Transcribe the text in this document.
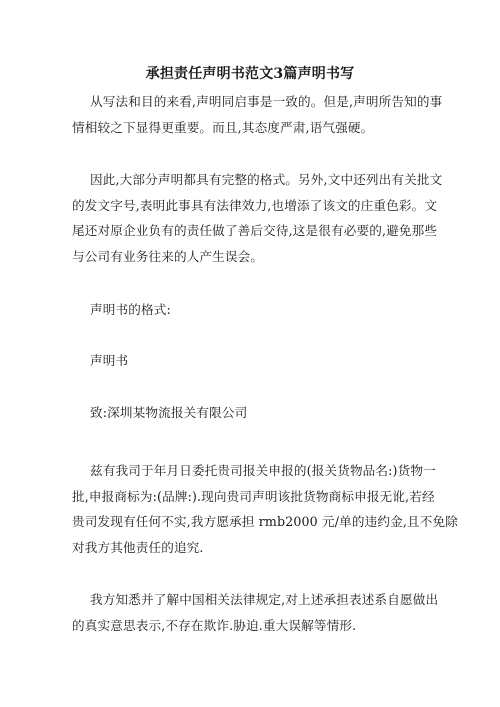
承担责任声明书范文3篇声明书写
从写法和目的来看,声明同启事是一致的。但是,声明所告知的事
情相较之下显得更重要。而且,其态度严肃,语气强硬。
因此,大部分声明都具有完整的格式。另外,文中还列出有关批文
的发文字号,表明此事具有法律效力,也增添了该文的庄重色彩。文
尾还对原企业负有的责任做了善后交待,这是很有必要的,避免那些
与公司有业务往来的人产生误会。
声明书的格式:
声明书
致:深圳某物流报关有限公司
兹有我司于年月日委托贵司报关申报的(报关货物品名:)货物一
批,申报商标为:(品牌:).现向贵司声明该批货物商标申报无讹,若经
贵司发现有任何不实,我方愿承担 rmb2000 元/单的违约金,且不免除
对我方其他责任的追究.
我方知悉并了解中国相关法律规定,对上述承担表述系自愿做出
的真实意思表示,不存在欺诈.胁迫.重大误解等情形.
